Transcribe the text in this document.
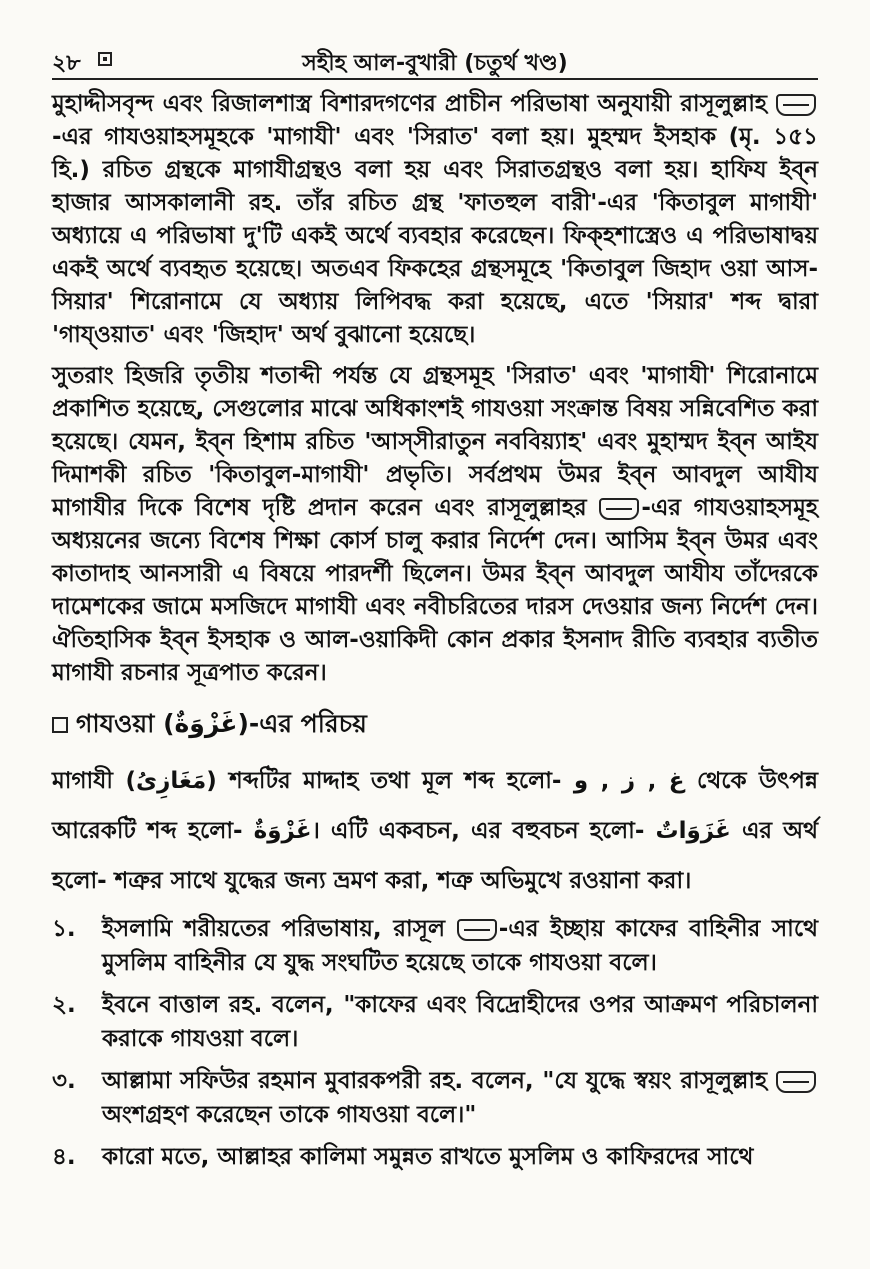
২৮	সহীহ আল-বুখারী (চতুর্থ খণ্ড)

মুহাদ্দীসবৃন্দ এবং রিজালশাস্ত্র বিশারদগণের প্রাচীন পরিভাষা অনুযায়ী রাসূলুল্লাহ -এর গাযওয়াহসমূহকে 'মাগাযী' এবং 'সিরাত' বলা হয়। মুহম্মদ ইসহাক (মৃ. ১৫১ হি.) রচিত গ্রন্থকে মাগাযীগ্রন্থও বলা হয় এবং সিরাতগ্রন্থও বলা হয়। হাফিয ইব্ন হাজার আসকালানী রহ. তাঁর রচিত গ্রন্থ 'ফাতহুল বারী'-এর 'কিতাবুল মাগাযী' অধ্যায়ে এ পরিভাষা দু'টি একই অর্থে ব্যবহার করেছেন। ফিক্‌হশাস্ত্রেও এ পরিভাষাদ্বয় একই অর্থে ব্যবহৃত হয়েছে। অতএব ফিকহের গ্রন্থসমূহে 'কিতাবুল জিহাদ ওয়া আস-সিয়ার' শিরোনামে যে অধ্যায় লিপিবদ্ধ করা হয়েছে, এতে 'সিয়ার' শব্দ দ্বারা 'গায্ওয়াত' এবং 'জিহাদ' অর্থ বুঝানো হয়েছে।

সুতরাং হিজরি তৃতীয় শতাব্দী পর্যন্ত যে গ্রন্থসমূহ 'সিরাত' এবং 'মাগাযী' শিরোনামে প্রকাশিত হয়েছে, সেগুলোর মাঝে অধিকাংশই গাযওয়া সংক্রান্ত বিষয় সন্নিবেশিত করা হয়েছে। যেমন, ইব্ন হিশাম রচিত 'আস্সীরাতুন নববিয়্যাহ' এবং মুহাম্মদ ইব্ন আইয দিমাশকী রচিত 'কিতাবুল-মাগাযী' প্রভৃতি। সর্বপ্রথম উমর ইব্ন আবদুল আযীয মাগাযীর দিকে বিশেষ দৃষ্টি প্রদান করেন এবং রাসূলুল্লাহর -এর গাযওয়াহসমূহ অধ্যয়নের জন্যে বিশেষ শিক্ষা কোর্স চালু করার নির্দেশ দেন। আসিম ইব্ন উমর এবং কাতাদাহ আনসারী এ বিষয়ে পারদর্শী ছিলেন। উমর ইব্ন আবদুল আযীয তাঁদেরকে দামেশকের জামে মসজিদে মাগাযী এবং নবীচরিতের দারস দেওয়ার জন্য নির্দেশ দেন। ঐতিহাসিক ইব্ন ইসহাক ও আল-ওয়াকিদী কোন প্রকার ইসনাদ রীতি ব্যবহার ব্যতীত মাগাযী রচনার সূত্রপাত করেন।

গাযওয়া (غَزْوَةٌ)-এর পরিচয়

মাগাযী (مَغَازِىُ) শব্দটির মাদ্দাহ তথা মূল শব্দ হলো- غ , ز , و থেকে উৎপন্ন আরেকটি শব্দ হলো- غَزْوَةٌ। এটি একবচন, এর বহুবচন হলো- غَزَوَاتٌ এর অর্থ হলো- শত্রুর সাথে যুদ্ধের জন্য ভ্রমণ করা, শত্রু অভিমুখে রওয়ানা করা।

১.	ইসলামি শরীয়তের পরিভাষায়, রাসূল -এর ইচ্ছায় কাফের বাহিনীর সাথে মুসলিম বাহিনীর যে যুদ্ধ সংঘটিত হয়েছে তাকে গাযওয়া বলে।
২.	ইবনে বাত্তাল রহ. বলেন, "কাফের এবং বিদ্রোহীদের ওপর আক্রমণ পরিচালনা করাকে গাযওয়া বলে।
৩.	আল্লামা সফিউর রহমান মুবারকপরী রহ. বলেন, "যে যুদ্ধে স্বয়ং রাসূলুল্লাহ  অংশগ্রহণ করেছেন তাকে গাযওয়া বলে।"
৪.	কারো মতে, আল্লাহর কালিমা সমুন্নত রাখতে মুসলিম ও কাফিরদের সাথে
